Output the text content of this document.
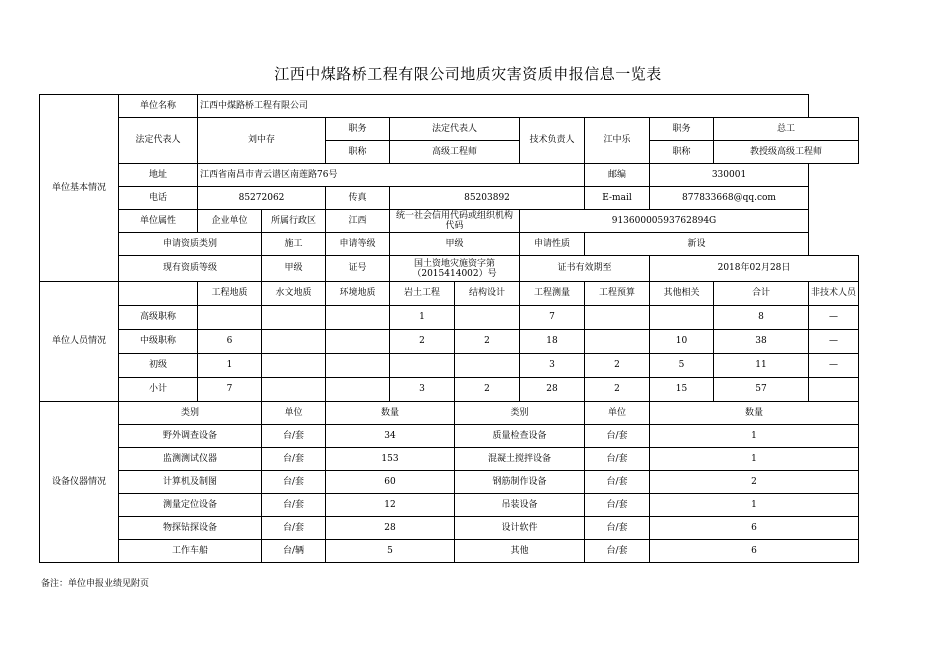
江西中煤路桥工程有限公司地质灾害资质申报信息一览表
单位基本情况	单位名称	江西中煤路桥工程有限公司									
	法定代表人	刘中存		职务	法定代表人		技术负责人	江中乐	职务	总工	
				职称	高级工程师				职称	教授级高级工程师	
	地址	江西省南昌市青云谱区南莲路76号						邮编	330001		
	电话	85272062		传真	85203892			E-mail	877833668@qq.com		
	单位属性	企业单位	所属行政区	江西	统一社会信用代码或组织机构代码		91360000593762894G				
	申请资质类别		施工	申请等级	甲级		申请性质	新设			
	现有资质等级		甲级	证号	国土资地灾施资字第（2015414002）号		证书有效期至		2018年02月28日		
单位人员情况		工程地质	水文地质	环境地质	岩土工程	结构设计	工程测量	工程预算	其他相关	合计	非技术人员
	高级职称				1		7			8	—
	中级职称	6			2	2	18		10	38	—
	初级	1					3	2	5	11	—
	小计	7			3	2	28	2	15	57	
设备仪器情况	类别		单位	数量		类别		单位	数量		
	野外调查设备		台/套	34		质量检查设备		台/套	1		
	监测测试仪器		台/套	153		混凝土搅拌设备		台/套	1		
	计算机及制图		台/套	60		钢筋制作设备		台/套	2		
	测量定位设备		台/套	12		吊装设备		台/套	1		
	物探钻探设备		台/套	28		设计软件		台/套	6		
	工作车船		台/辆	5		其他		台/套	6		
备注：单位申报业绩见附页
